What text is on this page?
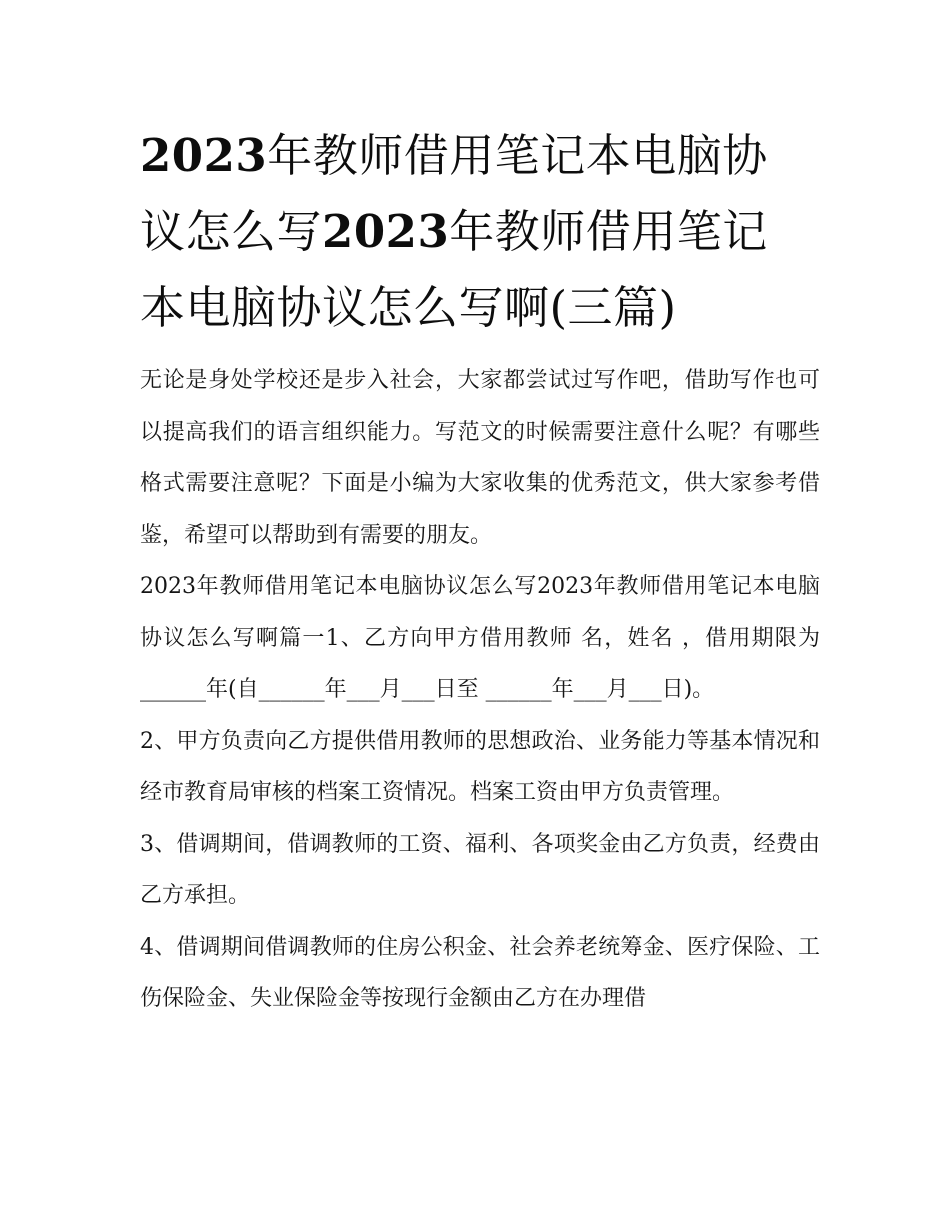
2023年教师借用笔记本电脑协议怎么写2023年教师借用笔记本电脑协议怎么写啊(三篇)

无论是身处学校还是步入社会，大家都尝试过写作吧，借助写作也可以提高我们的语言组织能力。写范文的时候需要注意什么呢？有哪些格式需要注意呢？下面是小编为大家收集的优秀范文，供大家参考借鉴，希望可以帮助到有需要的朋友。

2023年教师借用笔记本电脑协议怎么写2023年教师借用笔记本电脑协议怎么写啊篇一1、乙方向甲方借用教师 名，姓名 ，借用期限为______年(自______年___月___日至 ______年___月___日)。

2、甲方负责向乙方提供借用教师的思想政治、业务能力等基本情况和经市教育局审核的档案工资情况。档案工资由甲方负责管理。

3、借调期间，借调教师的工资、福利、各项奖金由乙方负责，经费由乙方承担。

4、借调期间借调教师的住房公积金、社会养老统筹金、医疗保险、工伤保险金、失业保险金等按现行金额由乙方在办理借
